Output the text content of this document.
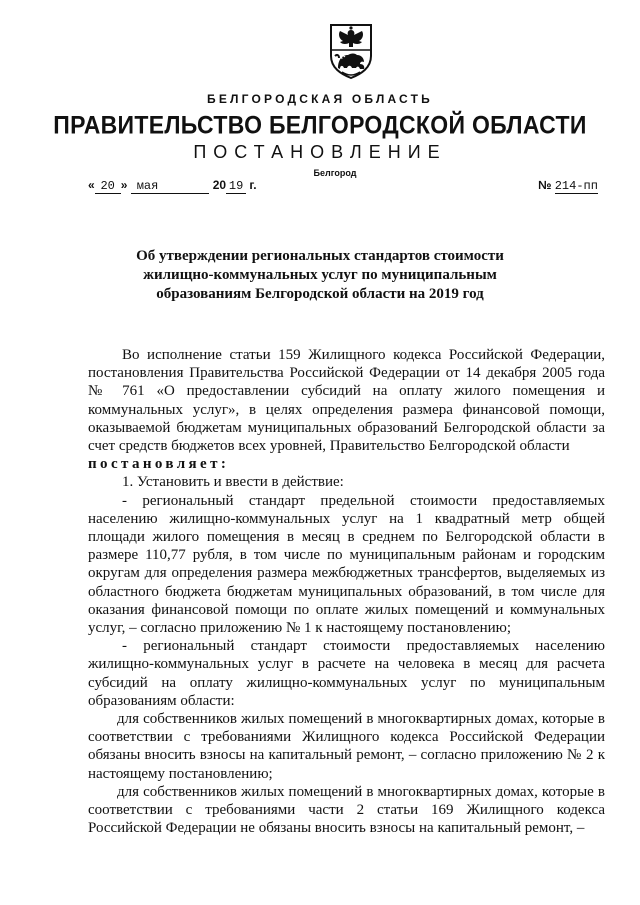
БЕЛГОРОДСКАЯ ОБЛАСТЬ
ПРАВИТЕЛЬСТВО БЕЛГОРОДСКОЙ ОБЛАСТИ
ПОСТАНОВЛЕНИЕ
Белгород
« 20 » мая	20 19 г.	№ 214-пп
Об утверждении региональных стандартов стоимости
жилищно-коммунальных услуг по муниципальным
образованиям Белгородской области на 2019 год

Во исполнение статьи 159 Жилищного кодекса Российской Федерации, постановления Правительства Российской Федерации от 14 декабря 2005 года № 761 «О предоставлении субсидий на оплату жилого помещения и коммунальных услуг», в целях определения размера финансовой помощи, оказываемой бюджетам муниципальных образований Белгородской области за счет средств бюджетов всех уровней, Правительство Белгородской области

постановляет:

1. Установить и ввести в действие:

- региональный стандарт предельной стоимости предоставляемых населению жилищно-коммунальных услуг на 1 квадратный метр общей площади жилого помещения в месяц в среднем по Белгородской области в размере 110,77 рубля, в том числе по муниципальным районам и городским округам для определения размера межбюджетных трансфертов, выделяемых из областного бюджета бюджетам муниципальных образований, в том числе для оказания финансовой помощи по оплате жилых помещений и коммунальных услуг, – согласно приложению № 1 к настоящему постановлению;

- региональный стандарт стоимости предоставляемых населению жилищно-коммунальных услуг в расчете на человека в месяц для расчета субсидий на оплату жилищно-коммунальных услуг по муниципальным образованиям области:

для собственников жилых помещений в многоквартирных домах, которые в соответствии с требованиями Жилищного кодекса Российской Федерации обязаны вносить взносы на капитальный ремонт, – согласно приложению № 2 к настоящему постановлению;

для собственников жилых помещений в многоквартирных домах, которые в соответствии с требованиями части 2 статьи 169 Жилищного кодекса Российской Федерации не обязаны вносить взносы на капитальный ремонт, –
